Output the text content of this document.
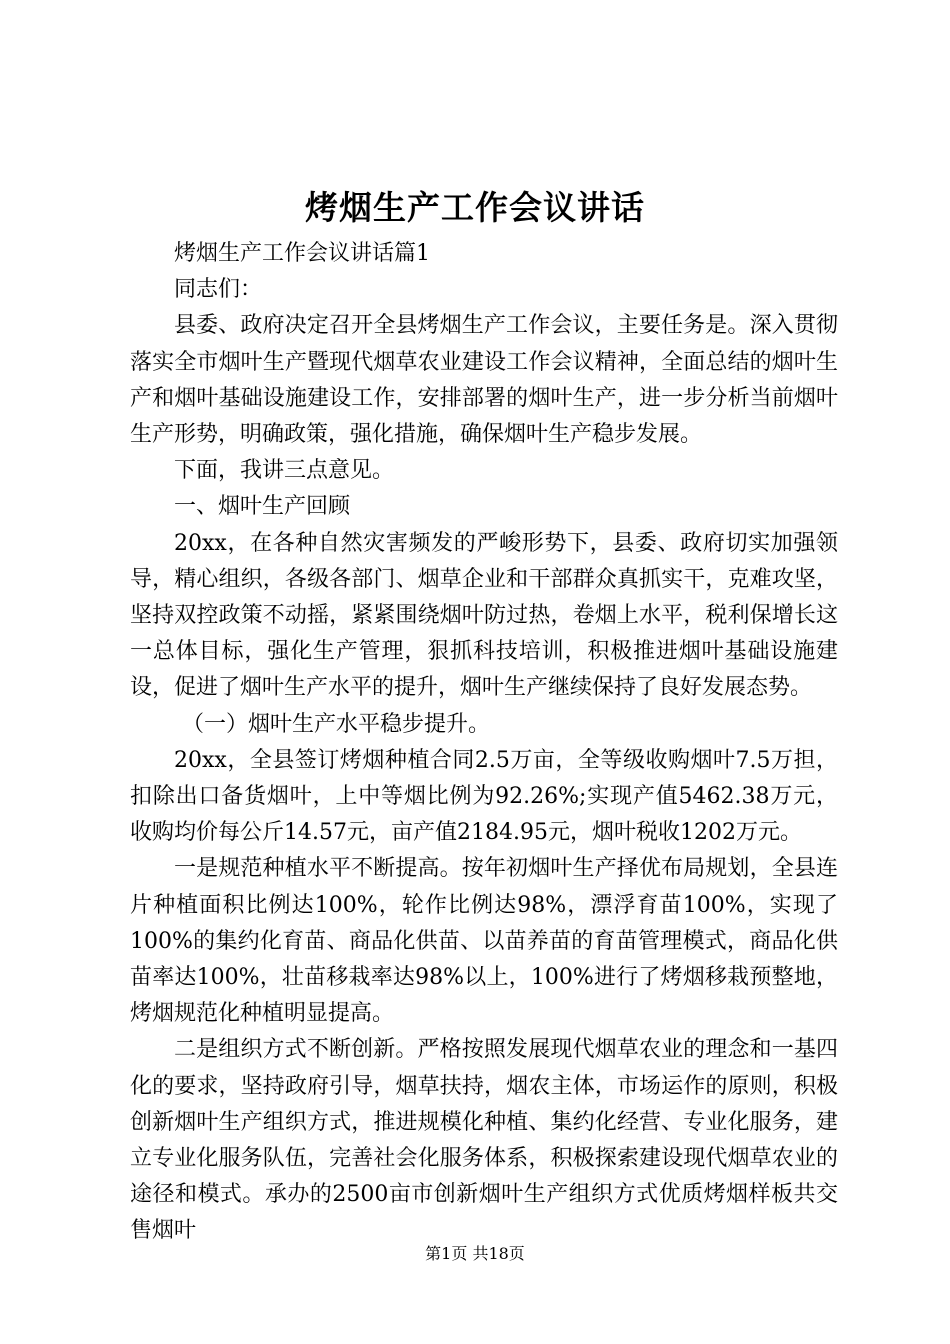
烤烟生产工作会议讲话

烤烟生产工作会议讲话篇1

同志们：

县委、政府决定召开全县烤烟生产工作会议，主要任务是。深入贯彻落实全市烟叶生产暨现代烟草农业建设工作会议精神，全面总结的烟叶生产和烟叶基础设施建设工作，安排部署的烟叶生产，进一步分析当前烟叶生产形势，明确政策，强化措施，确保烟叶生产稳步发展。

下面，我讲三点意见。

一、烟叶生产回顾

20xx，在各种自然灾害频发的严峻形势下，县委、政府切实加强领导，精心组织，各级各部门、烟草企业和干部群众真抓实干，克难攻坚，坚持双控政策不动摇，紧紧围绕烟叶防过热，卷烟上水平，税利保增长这一总体目标，强化生产管理，狠抓科技培训，积极推进烟叶基础设施建设，促进了烟叶生产水平的提升，烟叶生产继续保持了良好发展态势。

（一）烟叶生产水平稳步提升。

20xx，全县签订烤烟种植合同2.5万亩，全等级收购烟叶7.5万担，扣除出口备货烟叶，上中等烟比例为92.26%;实现产值5462.38万元，收购均价每公斤14.57元，亩产值2184.95元，烟叶税收1202万元。

一是规范种植水平不断提高。按年初烟叶生产择优布局规划，全县连片种植面积比例达100%，轮作比例达98%，漂浮育苗100%，实现了100%的集约化育苗、商品化供苗、以苗养苗的育苗管理模式，商品化供苗率达100%，壮苗移栽率达98%以上，100%进行了烤烟移栽预整地，烤烟规范化种植明显提高。

二是组织方式不断创新。严格按照发展现代烟草农业的理念和一基四化的要求，坚持政府引导，烟草扶持，烟农主体，市场运作的原则，积极创新烟叶生产组织方式，推进规模化种植、集约化经营、专业化服务，建立专业化服务队伍，完善社会化服务体系，积极探索建设现代烟草农业的途径和模式。承办的2500亩市创新烟叶生产组织方式优质烤烟样板共交售烟叶

第1页 共18页
